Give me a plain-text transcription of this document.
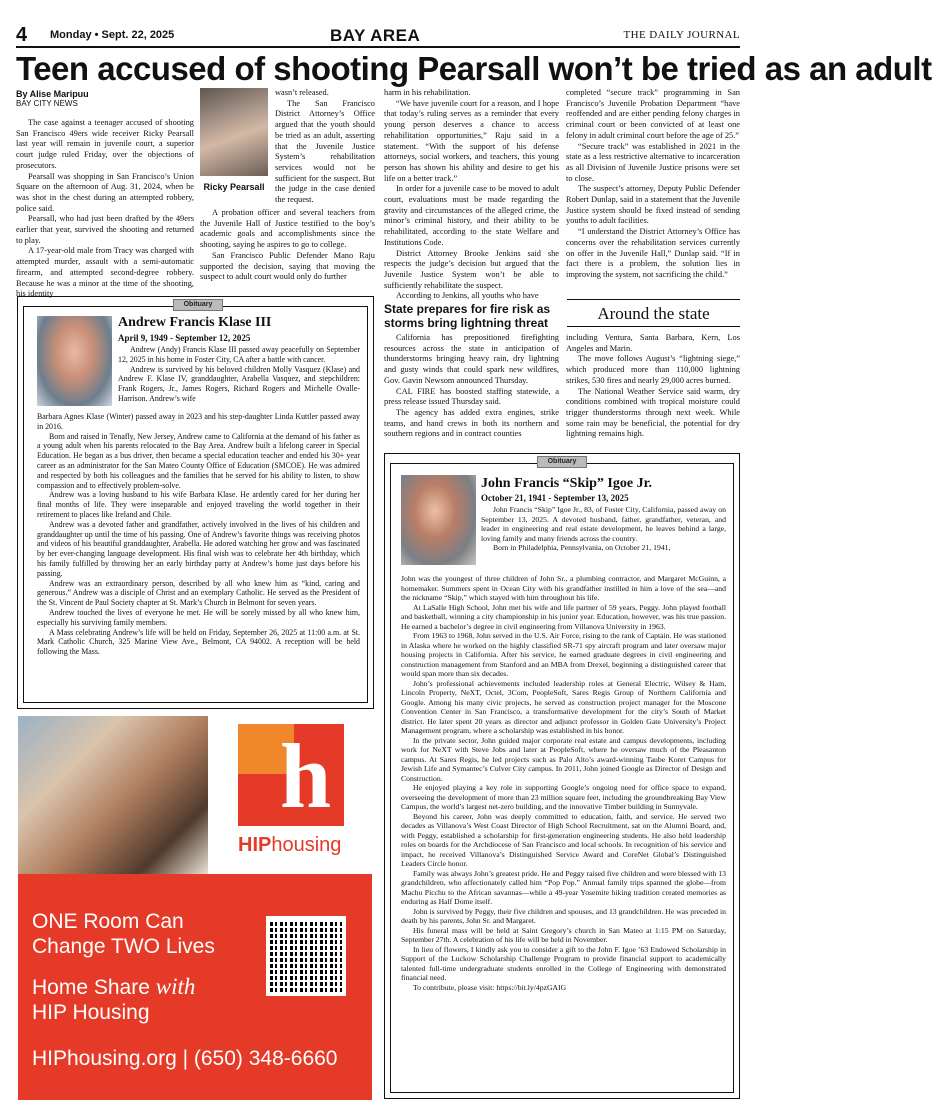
4 Monday • Sept. 22, 2025	BAY AREA	THE DAILY JOURNAL
Teen accused of shooting Pearsall won’t be tried as an adult
By Alise Maripuu
BAY CITY NEWS

The case against a teenager accused of shooting San Francisco 49ers wide receiver Ricky Pearsall last year will remain in juvenile court, a superior court judge ruled Friday, over the objections of prosecutors.

Pearsall was shopping in San Francisco’s Union Square on the afternoon of Aug. 31, 2024, when he was shot in the chest during an attempted robbery, police said.

Pearsall, who had just been drafted by the 49ers earlier that year, survived the shooting and returned to play.

A 17-year-old male from Tracy was charged with attempted murder, assault with a semi-automatic firearm, and attempted second-degree robbery. Because he was a minor at the time of the shooting, his identity

Ricky Pearsall

wasn’t released.

The San Francisco District Attorney’s Office argued that the youth should be tried as an adult, asserting that the Juvenile Justice System’s rehabilitation services would not be sufficient for the suspect. But the judge in the case denied the request.

A probation officer and several teachers from the Juvenile Hall of Justice testified to the boy’s academic goals and accomplishments since the shooting, saying he aspires to go to college.

San Francisco Public Defender Mano Raju supported the decision, saying that moving the suspect to adult court would only do further

harm in his rehabilitation.

“We have juvenile court for a reason, and I hope that today’s ruling serves as a reminder that every young person deserves a chance to access rehabilitation opportunities,” Raju said in a statement. “With the support of his defense attorneys, social workers, and teachers, this young person has shown his ability and desire to get his life on a better track.”

In order for a juvenile case to be moved to adult court, evaluations must be made regarding the gravity and circumstances of the alleged crime, the minor’s criminal history, and their ability to be rehabilitated, according to the state Welfare and Institutions Code.

District Attorney Brooke Jenkins said she respects the judge’s decision but argued that the Juvenile Justice System won’t be able to sufficiently rehabilitate the suspect.

According to Jenkins, all youths who have

completed “secure track” programming in San Francisco’s Juvenile Probation Department “have reoffended and are either pending felony charges in criminal court or been convicted of at least one felony in adult criminal court before the age of 25.”

“Secure track” was established in 2021 in the state as a less restrictive alternative to incarceration as all Division of Juvenile Justice prisons were set to close.

The suspect’s attorney, Deputy Public Defender Robert Dunlap, said in a statement that the Juvenile Justice system should be fixed instead of sending youths to adult facilities.

“I understand the District Attorney’s Office has concerns over the rehabilitation services currently on offer in the Juvenile Hall,” Dunlap said. “If in fact there is a problem, the solution lies in improving the system, not sacrificing the child.”

Obituary
Andrew Francis Klase III
April 9, 1949 - September 12, 2025

Andrew (Andy) Francis Klase III passed away peacefully on September 12, 2025 in his home in Foster City, CA after a battle with cancer.

Andrew is survived by his beloved children Molly Vasquez (Klase) and Andrew F. Klase IV, granddaughter, Arabella Vasquez, and stepchildren: Frank Rogers, Jr., James Rogers, Richard Rogers and Michelle Ovalle-Harrison. Andrew’s wife

Barbara Agnes Klase (Winter) passed away in 2023 and his step-daughter Linda Kuttler passed away in 2016.

Born and raised in Tenafly, New Jersey, Andrew came to California at the demand of his father as a young adult when his parents relocated to the Bay Area. Andrew built a lifelong career in Special Education. He began as a bus driver, then became a special education teacher and ended his 30+ year career as an administrator for the San Mateo County Office of Education (SMCOE). He was admired and respected by both his colleagues and the families that he served for his ability to listen, to show compassion and to effectively problem-solve.

Andrew was a loving husband to his wife Barbara Klase. He ardently cared for her during her final months of life. They were inseparable and enjoyed traveling the world together in their retirement to places like Ireland and Chile.

Andrew was a devoted father and grandfather, actively involved in the lives of his children and granddaughter up until the time of his passing. One of Andrew’s favorite things was receiving photos and videos of his beautiful granddaughter, Arabella. He adored watching her grow and was fascinated by her ever-changing language development. His final wish was to celebrate her 4th birthday, which his family fulfilled by throwing her an early birthday party at Andrew’s home just days before his passing.

Andrew was an extraordinary person, described by all who knew him as “kind, caring and generous.” Andrew was a disciple of Christ and an exemplary Catholic. He served as the President of the St. Vincent de Paul Society chapter at St. Mark’s Church in Belmont for seven years.

Andrew touched the lives of everyone he met. He will be sorely missed by all who knew him, especially his surviving family members.

A Mass celebrating Andrew’s life will be held on Friday, September 26, 2025 at 11:00 a.m. at St. Mark Catholic Church, 325 Marine View Ave., Belmont, CA 94002. A reception will be held following the Mass.

State prepares for fire risk as storms bring lightning threat	Around the state

California has prepositioned firefighting resources across the state in anticipation of thunderstorms bringing heavy rain, dry lightning and gusty winds that could spark new wildfires, Gov. Gavin Newsom announced Thursday.

CAL FIRE has boosted staffing statewide, a press release issued Thursday said.

The agency has added extra engines, strike teams, and hand crews in both its northern and southern regions and in contract counties

including Ventura, Santa Barbara, Kern, Los Angeles and Marin.

The move follows August’s “lightning siege,” which produced more than 110,000 lightning strikes, 530 fires and nearly 29,000 acres burned.

The National Weather Service said warm, dry conditions combined with tropical moisture could trigger thunderstorms through next week. While some rain may be beneficial, the potential for dry lightning remains high.

Obituary
John Francis “Skip” Igoe Jr.
October 21, 1941 - September 13, 2025

John Francis “Skip” Igoe Jr., 83, of Foster City, California, passed away on September 13, 2025. A devoted husband, father, grandfather, veteran, and leader in engineering and real estate development, he leaves behind a large, loving family and many friends across the country.

Born in Philadelphia, Pennsylvania, on October 21, 1941,

John was the youngest of three children of John Sr., a plumbing contractor, and Margaret McGuinn, a homemaker. Summers spent in Ocean City with his grandfather instilled in him a love of the sea—and the nickname “Skip,” which stayed with him throughout his life.

At LaSalle High School, John met his wife and life partner of 59 years, Peggy. John played football and basketball, winning a city championship in his junior year. Education, however, was his true passion. He earned a bachelor’s degree in civil engineering from Villanova University in 1963.

From 1963 to 1968, John served in the U.S. Air Force, rising to the rank of Captain. He was stationed in Alaska where he worked on the highly classified SR-71 spy aircraft program and later oversaw major housing projects in California. After his service, he earned graduate degrees in civil engineering and construction management from Stanford and an MBA from Drexel, beginning a distinguished career that would span more than six decades.

John’s professional achievements included leadership roles at General Electric, Wilsey & Ham, Lincoln Property, NeXT, Octel, 3Com, PeopleSoft, Sares Regis Group of Northern California and Google. Among his many civic projects, he served as construction project manager for the Moscone Convention Center in San Francisco, a transformative development for the city’s South of Market district. He later spent 20 years as director and adjunct professor in Golden Gate University’s Project Management program, where a scholarship was established in his honor.

In the private sector, John guided major corporate real estate and campus developments, including work for NeXT with Steve Jobs and later at PeopleSoft, where he oversaw much of the Pleasanton campus. At Sares Regis, he led projects such as Palo Alto’s award-winning Taube Koret Campus for Jewish Life and Symantec’s Culver City campus. In 2011, John joined Google as Director of Design and Construction.

He enjoyed playing a key role in supporting Google’s ongoing need for office space to expand, overseeing the development of more than 23 million square feet, including the groundbreaking Bay View Campus, the world’s largest net-zero building, and the innovative Timber building in Sunnyvale.

Beyond his career, John was deeply committed to education, faith, and service. He served two decades as Villanova’s West Coast Director of High School Recruitment, sat on the Alumni Board, and, with Peggy, established a scholarship for first-generation engineering students. He also held leadership roles on boards for the Archdiocese of San Francisco and local schools. In recognition of his service and impact, he received Villanova’s Distinguished Service Award and CoreNet Global’s Distinguished Leaders Circle honor.

Family was always John’s greatest pride. He and Peggy raised five children and were blessed with 13 grandchildren, who affectionately called him “Pop Pop.” Annual family trips spanned the globe—from Machu Picchu to the African savannas—while a 49-year Yosemite hiking tradition created memories as enduring as Half Dome itself.

John is survived by Peggy, their five children and spouses, and 13 grandchildren. He was preceded in death by his parents, John Sr. and Margaret.

His funeral mass will be held at Saint Gregory’s church in San Mateo at 1:15 PM on Saturday, September 27th. A celebration of his life will be held in November.

In lieu of flowers, I kindly ask you to consider a gift to the John F. Igoe ’63 Endowed Scholarship in Support of the Luckow Scholarship Challenge Program to provide financial support to academically talented full-time undergraduate students enrolled in the College of Engineering with demonstrated financial need.

To contribute, please visit: https://bit.ly/4pzGAIG

h
HIPhousing
ONE Room Can
Change TWO Lives
Home Share with
HIP Housing
HIPhousing.org | (650) 348-6660
